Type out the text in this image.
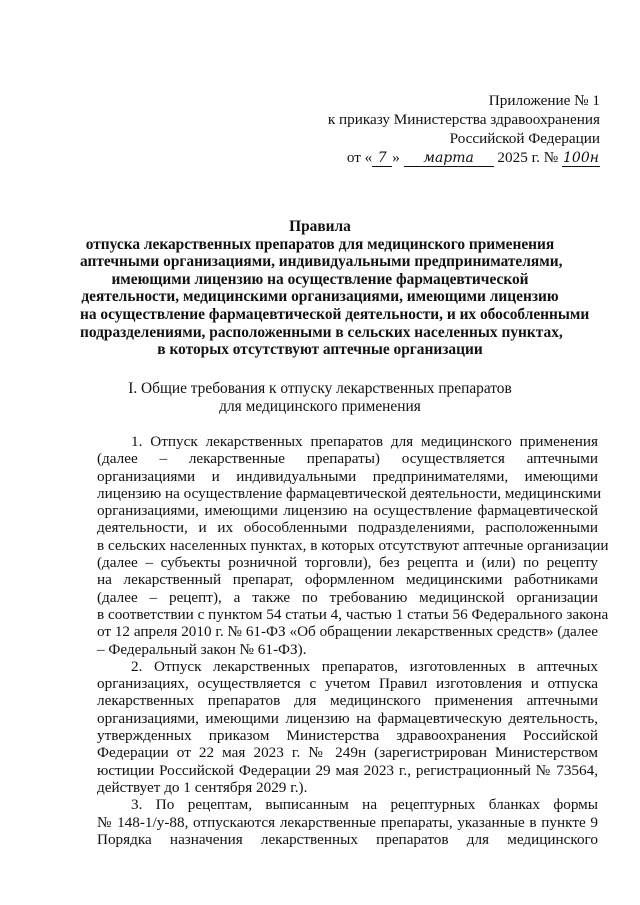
Приложение № 1
к приказу Министерства здравоохранения
Российской Федерации
от « 7 » марта 2025 г. № 100н
Правила
отпуска лекарственных препаратов для медицинского применения
аптечными организациями, индивидуальными предпринимателями,
имеющими лицензию на осуществление фармацевтической
деятельности, медицинскими организациями, имеющими лицензию
на осуществление фармацевтической деятельности, и их обособленными
подразделениями, расположенными в сельских населенных пунктах,
в которых отсутствуют аптечные организации
I. Общие требования к отпуску лекарственных препаратов
для медицинского применения

1. Отпуск лекарственных препаратов для медицинского применения
(далее – лекарственные препараты) осуществляется аптечными
организациями и индивидуальными предпринимателями, имеющими
лицензию на осуществление фармацевтической деятельности, медицинскими
организациями, имеющими лицензию на осуществление фармацевтической
деятельности, и их обособленными подразделениями, расположенными
в сельских населенных пунктах, в которых отсутствуют аптечные организации
(далее – субъекты розничной торговли), без рецепта и (или) по рецепту
на лекарственный препарат, оформленном медицинскими работниками
(далее – рецепт), а также по требованию медицинской организации
в соответствии с пунктом 54 статьи 4, частью 1 статьи 56 Федерального закона
от 12 апреля 2010 г. № 61-ФЗ «Об обращении лекарственных средств» (далее
– Федеральный закон № 61-ФЗ).

2. Отпуск лекарственных препаратов, изготовленных в аптечных
организациях, осуществляется с учетом Правил изготовления и отпуска
лекарственных препаратов для медицинского применения аптечными
организациями, имеющими лицензию на фармацевтическую деятельность,
утвержденных приказом Министерства здравоохранения Российской
Федерации от 22 мая 2023 г. № 249н (зарегистрирован Министерством
юстиции Российской Федерации 29 мая 2023 г., регистрационный № 73564,
действует до 1 сентября 2029 г.).

3. По рецептам, выписанным на рецептурных бланках формы
№ 148-1/у-88, отпускаются лекарственные препараты, указанные в пункте 9
Порядка назначения лекарственных препаратов для медицинского
